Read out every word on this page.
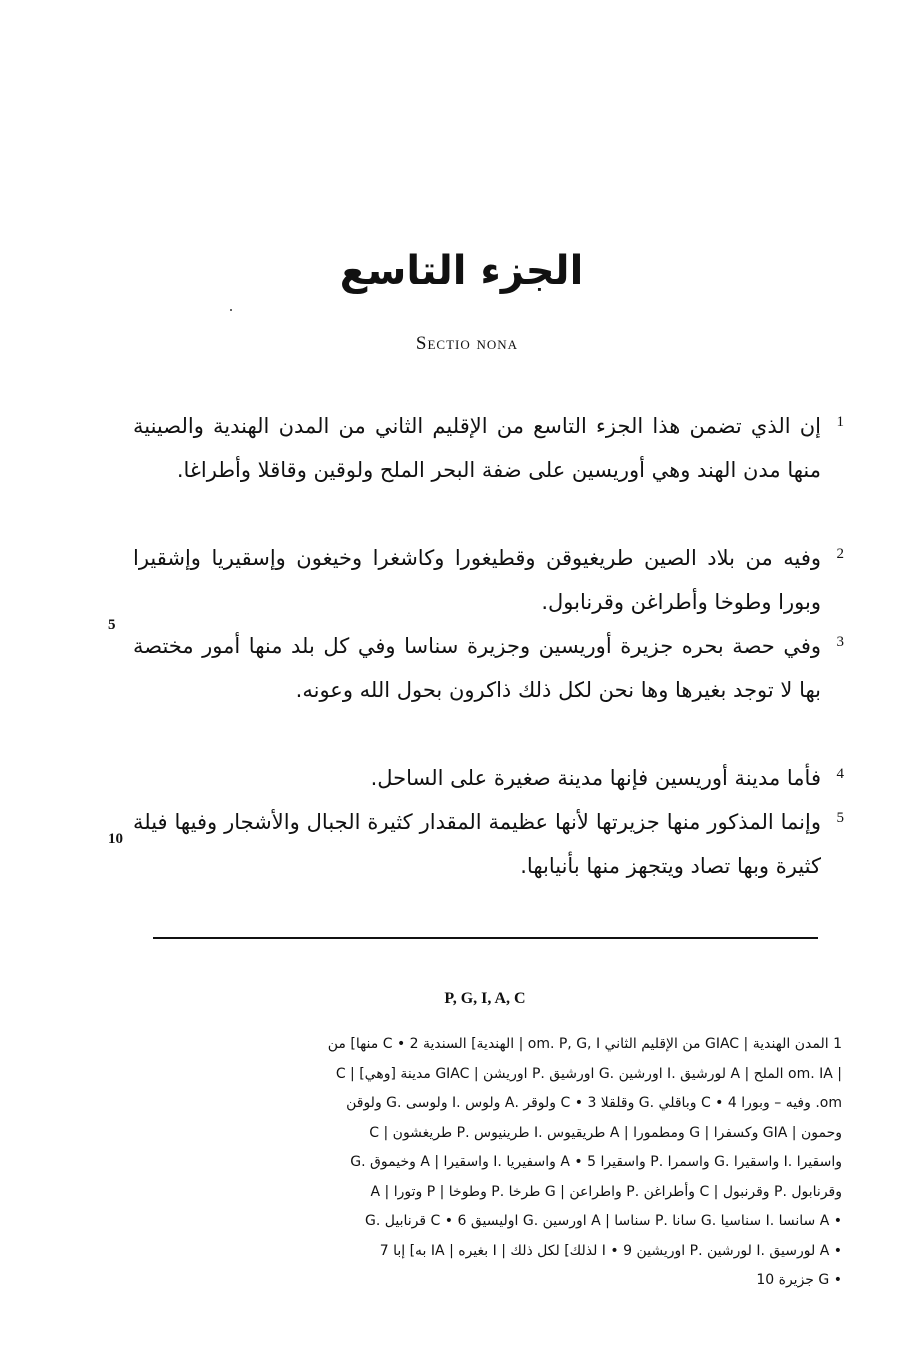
الجزء التاسع
Sectio nona
1
إن الذي تضمن هذا الجزء التاسع من الإقليم الثاني من المدن الهندية والصينية منها مدن الهند وهي أوريسين على ضفة البحر الملح ولوقين وقاقلا وأطراغا.
2
وفيه من بلاد الصين طريغيوقن وقطيغورا وكاشغرا وخيغون وإسقيريا وإشقيرا وبورا وطوخا وأطراغن وقرنابول.
3
وفي حصة بحره جزيرة أوريسين وجزيرة سناسا وفي كل بلد منها أمور مختصة بها لا توجد بغيرها وها نحن لكل ذلك ذاكرون بحول الله وعونه.
4
فأما مدينة أوريسين فإنها مدينة صغيرة على الساحل.
5
وإنما المذكور منها جزيرتها لأنها عظيمة المقدار كثيرة الجبال والأشجار وفيها فيلة كثيرة وبها تصاد ويتجهز منها بأنيابها.
5
10
P, G, I, A, C
1 المدن الهندية | GIAC من الإقليم الثاني om. P, G, I | الهندية] السندية C • 2 منها] من
| om. IA الملح | A لورشيق .I اورشين .G اورشيق .P اوريشن | GIAC مدينة [وهي] | C
om. وفيه – وبورا 4 • C وباقلي .G وقلقلا 3 • C ولوقر .A ولوس .I ولوسى .G ولوقن
وحمون | GIA وكسفرا | G ومطمورا | A طريقيوس .I طرينيوس .P طريغشون | C
واسقيرا .I واسقيرا .G واسمرا .P واسقيرا 5 • A واسفيريا .I واسقيرا | A وخيموق .G
وقرنابول .P وقرنبول | C وأطراغن .P واطراعن | G طرخا .P وطوخا | P وتورا | A
• A سانسا .I سناسيا .G سانا .P سناسا | A اورسين .G اوليسيق 6 • C قرنابيل .G
• A لورسيق .I لورشين .P اوريشين 9 • I لذلك] لكل ذلك | I بغيره | IA به] إبا 7
• G جزيرة 10
